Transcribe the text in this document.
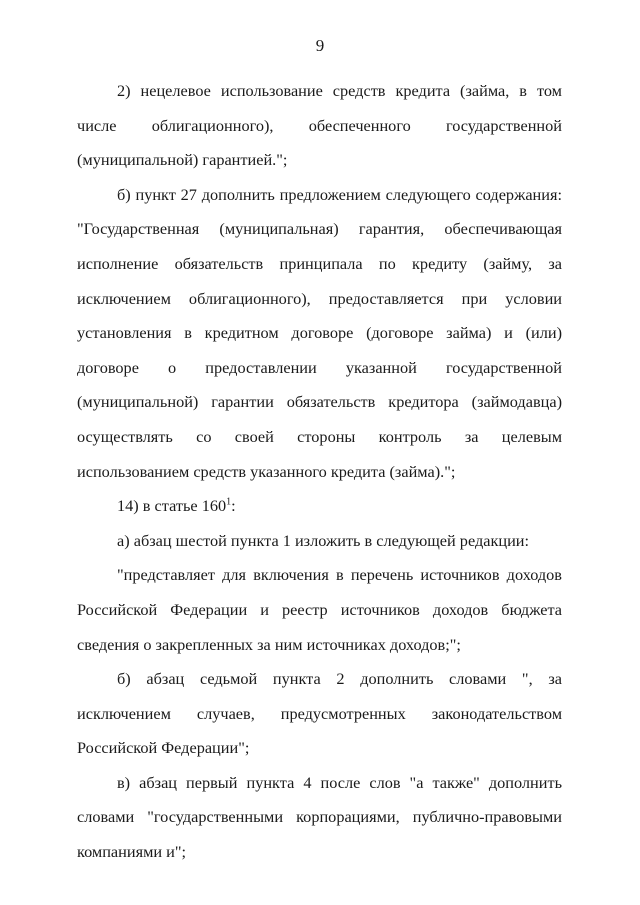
9

2) нецелевое использование средств кредита (займа, в том числе облигационного), обеспеченного государственной (муниципальной) гарантией.";

б) пункт 27 дополнить предложением следующего содержания: "Государственная (муниципальная) гарантия, обеспечивающая исполнение обязательств принципала по кредиту (займу, за исключением облигационного), предоставляется при условии установления в кредитном договоре (договоре займа) и (или) договоре о предоставлении указанной государственной (муниципальной) гарантии обязательств кредитора (займодавца) осуществлять со своей стороны контроль за целевым использованием средств указанного кредита (займа).";

14) в статье $160^1$:

а) абзац шестой пункта 1 изложить в следующей редакции:

"представляет для включения в перечень источников доходов Российской Федерации и реестр источников доходов бюджета сведения о закрепленных за ним источниках доходов;";

б) абзац седьмой пункта 2 дополнить словами ", за исключением случаев, предусмотренных законодательством Российской Федерации";

в) абзац первый пункта 4 после слов "а также" дополнить словами "государственными корпорациями, публично-правовыми компаниями и";
